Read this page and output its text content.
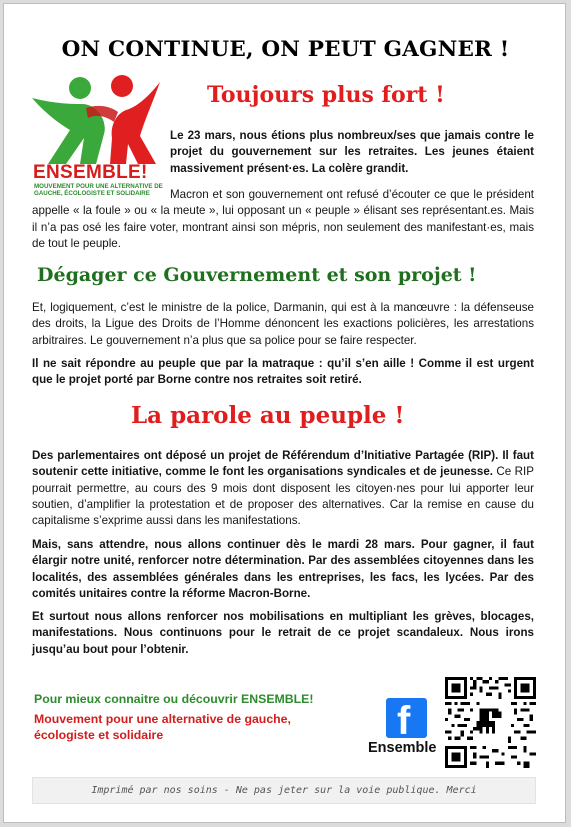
ON CONTINUE, ON PEUT GAGNER !
ENSEMBLE!
MOUVEMENT POUR UNE ALTERNATIVE DE GAUCHE, ÉCOLOGISTE ET SOLIDAIRE
Toujours plus fort !
Le 23 mars, nous étions plus nombreux/ses que jamais contre le projet du gouvernement sur les retraites. Les jeunes étaient massivement présent·es. La colère grandit.
Macron et son gouvernement ont refusé d’écouter ce que le président appelle « la foule » ou « la meute », lui opposant un « peuple » élisant ses représentant.es. Mais il n’a pas osé les faire voter, montrant ainsi son mépris, non seulement des manifestant·es, mais de tout le peuple.
Dégager ce Gouvernement et son projet !
Et, logiquement, c’est le ministre de la police, Darmanin, qui est à la manœuvre : la défenseuse des droits, la Ligue des Droits de l’Homme dénoncent les exactions policières, les arrestations arbitraires. Le gouvernement n’a plus que sa police pour se faire respecter.
Il ne sait répondre au peuple que par la matraque : qu’il s’en aille ! Comme il est urgent que le projet porté par Borne contre nos retraites soit retiré.
La parole au peuple !
Des parlementaires ont déposé un projet de Référendum d’Initiative Partagée (RIP). Il faut soutenir cette initiative, comme le font les organisations syndicales et de jeunesse. Ce RIP pourrait permettre, au cours des 9 mois dont disposent les citoyen·nes pour lui apporter leur soutien, d’amplifier la protestation et de proposer des alternatives. Car la remise en cause du capitalisme s’exprime aussi dans les manifestations.
Mais, sans attendre, nous allons continuer dès le mardi 28 mars. Pour gagner, il faut élargir notre unité, renforcer notre détermination. Par des assemblées citoyennes dans les localités, des assemblées générales dans les entreprises, les facs, les lycées. Par des comités unitaires contre la réforme Macron-Borne.
Et surtout nous allons renforcer nos mobilisations en multipliant les grèves, blocages, manifestations. Nous continuons pour le retrait de ce projet scandaleux. Nous irons jusqu’au bout pour l’obtenir.
Pour mieux connaitre ou découvrir ENSEMBLE!
Mouvement pour une alternative de gauche, écologiste et solidaire	f
Ensemble
Imprimé par nos soins - Ne pas jeter sur la voie publique. Merci
